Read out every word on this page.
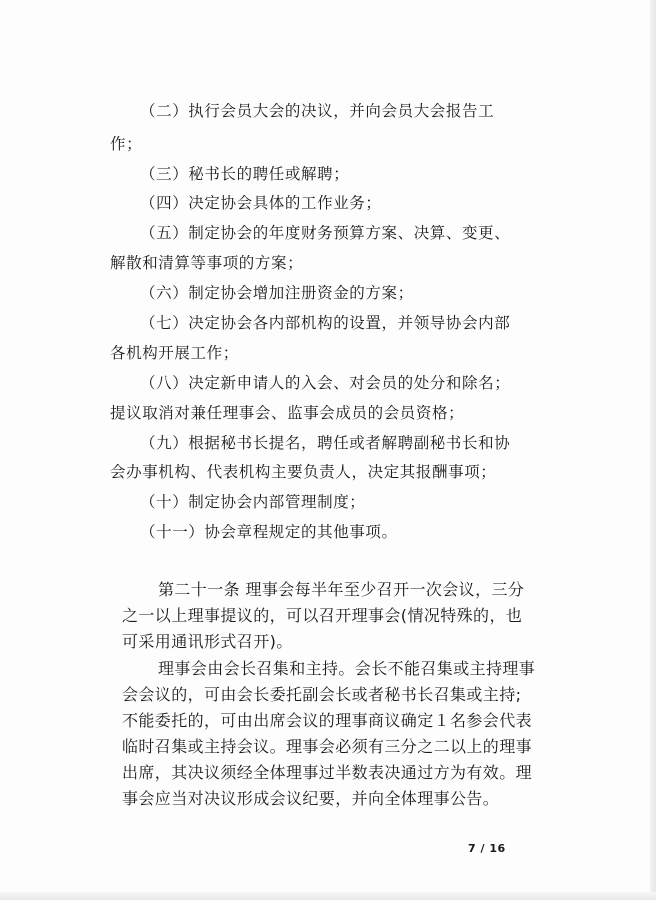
（二）执行会员大会的决议，并向会员大会报告工
作；
（三）秘书长的聘任或解聘；
（四）决定协会具体的工作业务；
（五）制定协会的年度财务预算方案、决算、变更、
解散和清算等事项的方案；
（六）制定协会增加注册资金的方案；
（七）决定协会各内部机构的设置，并领导协会内部
各机构开展工作；
（八）决定新申请人的入会、对会员的处分和除名；
提议取消对兼任理事会、监事会成员的会员资格；
（九）根据秘书长提名，聘任或者解聘副秘书长和协
会办事机构、代表机构主要负责人，决定其报酬事项；
（十）制定协会内部管理制度；
（十一）协会章程规定的其他事项。
第二十一条 理事会每半年至少召开一次会议，三分
之一以上理事提议的，可以召开理事会(情况特殊的，也
可采用通讯形式召开)。
理事会由会长召集和主持。会长不能召集或主持理事
会会议的，可由会长委托副会长或者秘书长召集或主持;
不能委托的，可由出席会议的理事商议确定１名参会代表
临时召集或主持会议。理事会必须有三分之二以上的理事
出席，其决议须经全体理事过半数表决通过方为有效。理
事会应当对决议形成会议纪要，并向全体理事公告。
7 / 16
